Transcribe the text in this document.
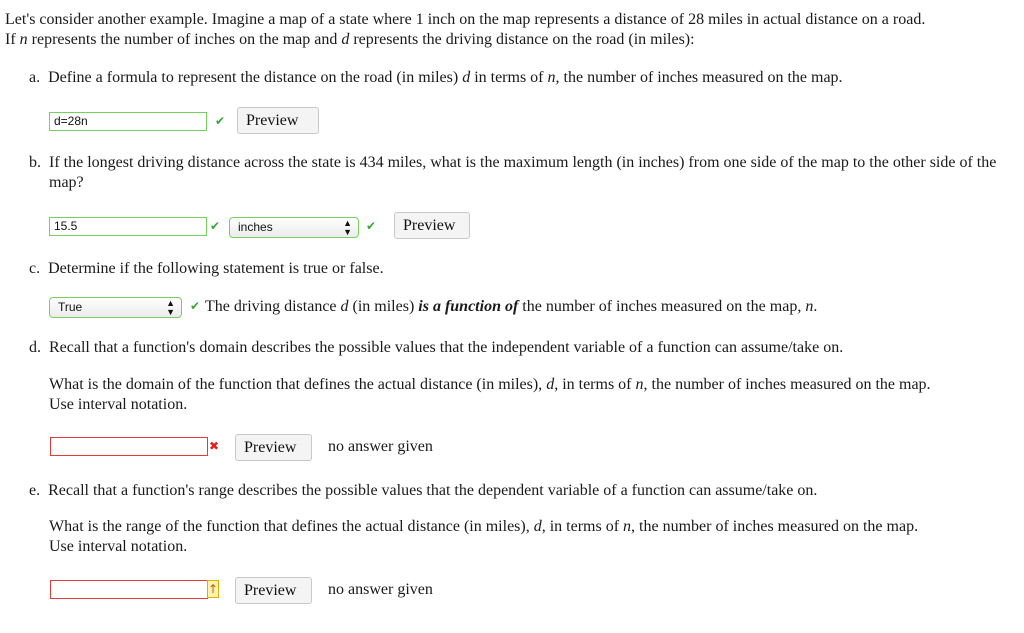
Let's consider another example. Imagine a map of a state where 1 inch on the map represents a distance of 28 miles in actual distance on a road.
If n represents the number of inches on the map and d represents the driving distance on the road (in miles):
a. Define a formula to represent the distance on the road (in miles) d in terms of n, the number of inches measured on the map.
d=28n	✔	Preview
b. If the longest driving distance across the state is 434 miles, what is the maximum length (in inches) from one side of the map to the other side of the map?
15.5	✔	inches	▲
▼ ✔	Preview
c. Determine if the following statement is true or false.
True	▲
▼ ✔ The driving distance d (in miles) is a function of the number of inches measured on the map, n.
d. Recall that a function's domain describes the possible values that the independent variable of a function can assume/take on.
What is the domain of the function that defines the actual distance (in miles), d, in terms of n, the number of inches measured on the map.
Use interval notation.
✖	Preview	no answer given
e. Recall that a function's range describes the possible values that the dependent variable of a function can assume/take on.
What is the range of the function that defines the actual distance (in miles), d, in terms of n, the number of inches measured on the map.
Use interval notation.
↑	Preview	no answer given
